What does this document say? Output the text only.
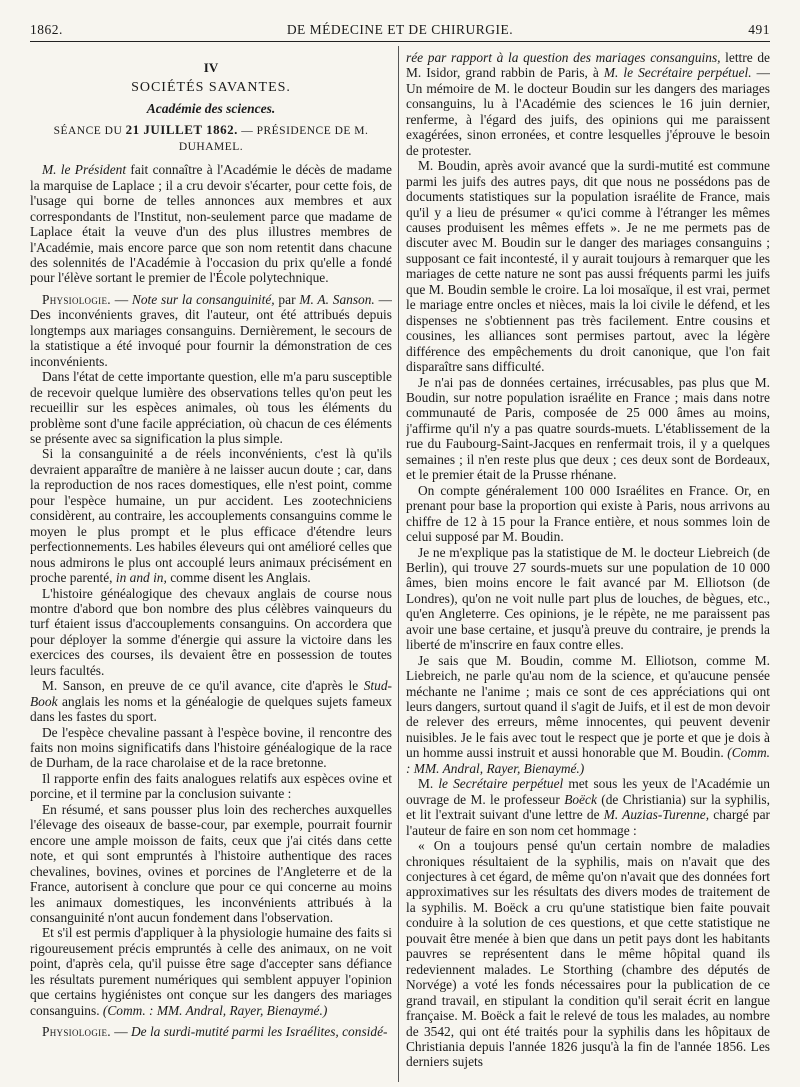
1862.	DE MÉDECINE ET DE CHIRURGIE.	491
IV
SOCIÉTÉS SAVANTES.
Académie des sciences.
SÉANCE DU 21 JUILLET 1862. — PRÉSIDENCE DE M. DUHAMEL.

M. le Président fait connaître à l'Académie le décès de madame la marquise de Laplace ; il a cru devoir s'écarter, pour cette fois, de l'usage qui borne de telles annonces aux membres et aux correspondants de l'Institut, non-seulement parce que madame de Laplace était la veuve d'un des plus illustres membres de l'Académie, mais encore parce que son nom retentit dans chacune des solennités de l'Académie à l'occasion du prix qu'elle a fondé pour l'élève sortant le premier de l'École polytechnique.

Physiologie. — Note sur la consanguinité, par M. A. Sanson. — Des inconvénients graves, dit l'auteur, ont été attribués depuis longtemps aux mariages consanguins. Dernièrement, le secours de la statistique a été invoqué pour fournir la démonstration de ces inconvénients.

Dans l'état de cette importante question, elle m'a paru susceptible de recevoir quelque lumière des observations telles qu'on peut les recueillir sur les espèces animales, où tous les éléments du problème sont d'une facile appréciation, où chacun de ces éléments se présente avec sa signification la plus simple.

Si la consanguinité a de réels inconvénients, c'est là qu'ils devraient apparaître de manière à ne laisser aucun doute ; car, dans la reproduction de nos races domestiques, elle n'est point, comme pour l'espèce humaine, un pur accident. Les zootechniciens considèrent, au contraire, les accouplements consanguins comme le moyen le plus prompt et le plus efficace d'étendre leurs perfectionnements. Les habiles éleveurs qui ont amélioré celles que nous admirons le plus ont accouplé leurs animaux précisément en proche parenté, in and in, comme disent les Anglais.

L'histoire généalogique des chevaux anglais de course nous montre d'abord que bon nombre des plus célèbres vainqueurs du turf étaient issus d'accouplements consanguins. On accordera que pour déployer la somme d'énergie qui assure la victoire dans les exercices des courses, ils devaient être en possession de toutes leurs facultés.

M. Sanson, en preuve de ce qu'il avance, cite d'après le Stud-Book anglais les noms et la généalogie de quelques sujets fameux dans les fastes du sport.

De l'espèce chevaline passant à l'espèce bovine, il rencontre des faits non moins significatifs dans l'histoire généalogique de la race de Durham, de la race charolaise et de la race bretonne.

Il rapporte enfin des faits analogues relatifs aux espèces ovine et porcine, et il termine par la conclusion suivante :

En résumé, et sans pousser plus loin des recherches auxquelles l'élevage des oiseaux de basse-cour, par exemple, pourrait fournir encore une ample moisson de faits, ceux que j'ai cités dans cette note, et qui sont empruntés à l'histoire authentique des races chevalines, bovines, ovines et porcines de l'Angleterre et de la France, autorisent à conclure que pour ce qui concerne au moins les animaux domestiques, les inconvénients attribués à la consanguinité n'ont aucun fondement dans l'observation.

Et s'il est permis d'appliquer à la physiologie humaine des faits si rigoureusement précis empruntés à celle des animaux, on ne voit point, d'après cela, qu'il puisse être sage d'accepter sans défiance les résultats purement numériques qui semblent appuyer l'opinion que certains hygiénistes ont conçue sur les dangers des mariages consanguins. (Comm. : MM. Andral, Rayer, Bienaymé.)

Physiologie. — De la surdi-mutité parmi les Israélites, considé-

rée par rapport à la question des mariages consanguins, lettre de M. Isidor, grand rabbin de Paris, à M. le Secrétaire perpétuel. — Un mémoire de M. le docteur Boudin sur les dangers des mariages consanguins, lu à l'Académie des sciences le 16 juin dernier, renferme, à l'égard des juifs, des opinions qui me paraissent exagérées, sinon erronées, et contre lesquelles j'éprouve le besoin de protester.

M. Boudin, après avoir avancé que la surdi-mutité est commune parmi les juifs des autres pays, dit que nous ne possédons pas de documents statistiques sur la population israélite de France, mais qu'il y a lieu de présumer « qu'ici comme à l'étranger les mêmes causes produisent les mêmes effets ». Je ne me permets pas de discuter avec M. Boudin sur le danger des mariages consanguins ; supposant ce fait incontesté, il y aurait toujours à remarquer que les mariages de cette nature ne sont pas aussi fréquents parmi les juifs que M. Boudin semble le croire. La loi mosaïque, il est vrai, permet le mariage entre oncles et nièces, mais la loi civile le défend, et les dispenses ne s'obtiennent pas très facilement. Entre cousins et cousines, les alliances sont permises partout, avec la légère différence des empêchements du droit canonique, que l'on fait disparaître sans difficulté.

Je n'ai pas de données certaines, irrécusables, pas plus que M. Boudin, sur notre population israélite en France ; mais dans notre communauté de Paris, composée de 25 000 âmes au moins, j'affirme qu'il n'y a pas quatre sourds-muets. L'établissement de la rue du Faubourg-Saint-Jacques en renfermait trois, il y a quelques semaines ; il n'en reste plus que deux ; ces deux sont de Bordeaux, et le premier était de la Prusse rhénane.

On compte généralement 100 000 Israélites en France. Or, en prenant pour base la proportion qui existe à Paris, nous arrivons au chiffre de 12 à 15 pour la France entière, et nous sommes loin de celui supposé par M. Boudin.

Je ne m'explique pas la statistique de M. le docteur Liebreich (de Berlin), qui trouve 27 sourds-muets sur une population de 10 000 âmes, bien moins encore le fait avancé par M. Elliotson (de Londres), qu'on ne voit nulle part plus de louches, de bègues, etc., qu'en Angleterre. Ces opinions, je le répète, ne me paraissent pas avoir une base certaine, et jusqu'à preuve du contraire, je prends la liberté de m'inscrire en faux contre elles.

Je sais que M. Boudin, comme M. Elliotson, comme M. Liebreich, ne parle qu'au nom de la science, et qu'aucune pensée méchante ne l'anime ; mais ce sont de ces appréciations qui ont leurs dangers, surtout quand il s'agit de Juifs, et il est de mon devoir de relever des erreurs, même innocentes, qui peuvent devenir nuisibles. Je le fais avec tout le respect que je porte et que je dois à un homme aussi instruit et aussi honorable que M. Boudin. (Comm. : MM. Andral, Rayer, Bienaymé.)

M. le Secrétaire perpétuel met sous les yeux de l'Académie un ouvrage de M. le professeur Boëck (de Christiania) sur la syphilis, et lit l'extrait suivant d'une lettre de M. Auzias-Turenne, chargé par l'auteur de faire en son nom cet hommage :

« On a toujours pensé qu'un certain nombre de maladies chroniques résultaient de la syphilis, mais on n'avait que des conjectures à cet égard, de même qu'on n'avait que des données fort approximatives sur les résultats des divers modes de traitement de la syphilis. M. Boëck a cru qu'une statistique bien faite pouvait conduire à la solution de ces questions, et que cette statistique ne pouvait être menée à bien que dans un petit pays dont les habitants pauvres se représentent dans le même hôpital quand ils redeviennent malades. Le Storthing (chambre des députés de Norvége) a voté les fonds nécessaires pour la publication de ce grand travail, en stipulant la condition qu'il serait écrit en langue française. M. Boëck a fait le relevé de tous les malades, au nombre de 3542, qui ont été traités pour la syphilis dans les hôpitaux de Christiania depuis l'année 1826 jusqu'à la fin de l'année 1856. Les derniers sujets
